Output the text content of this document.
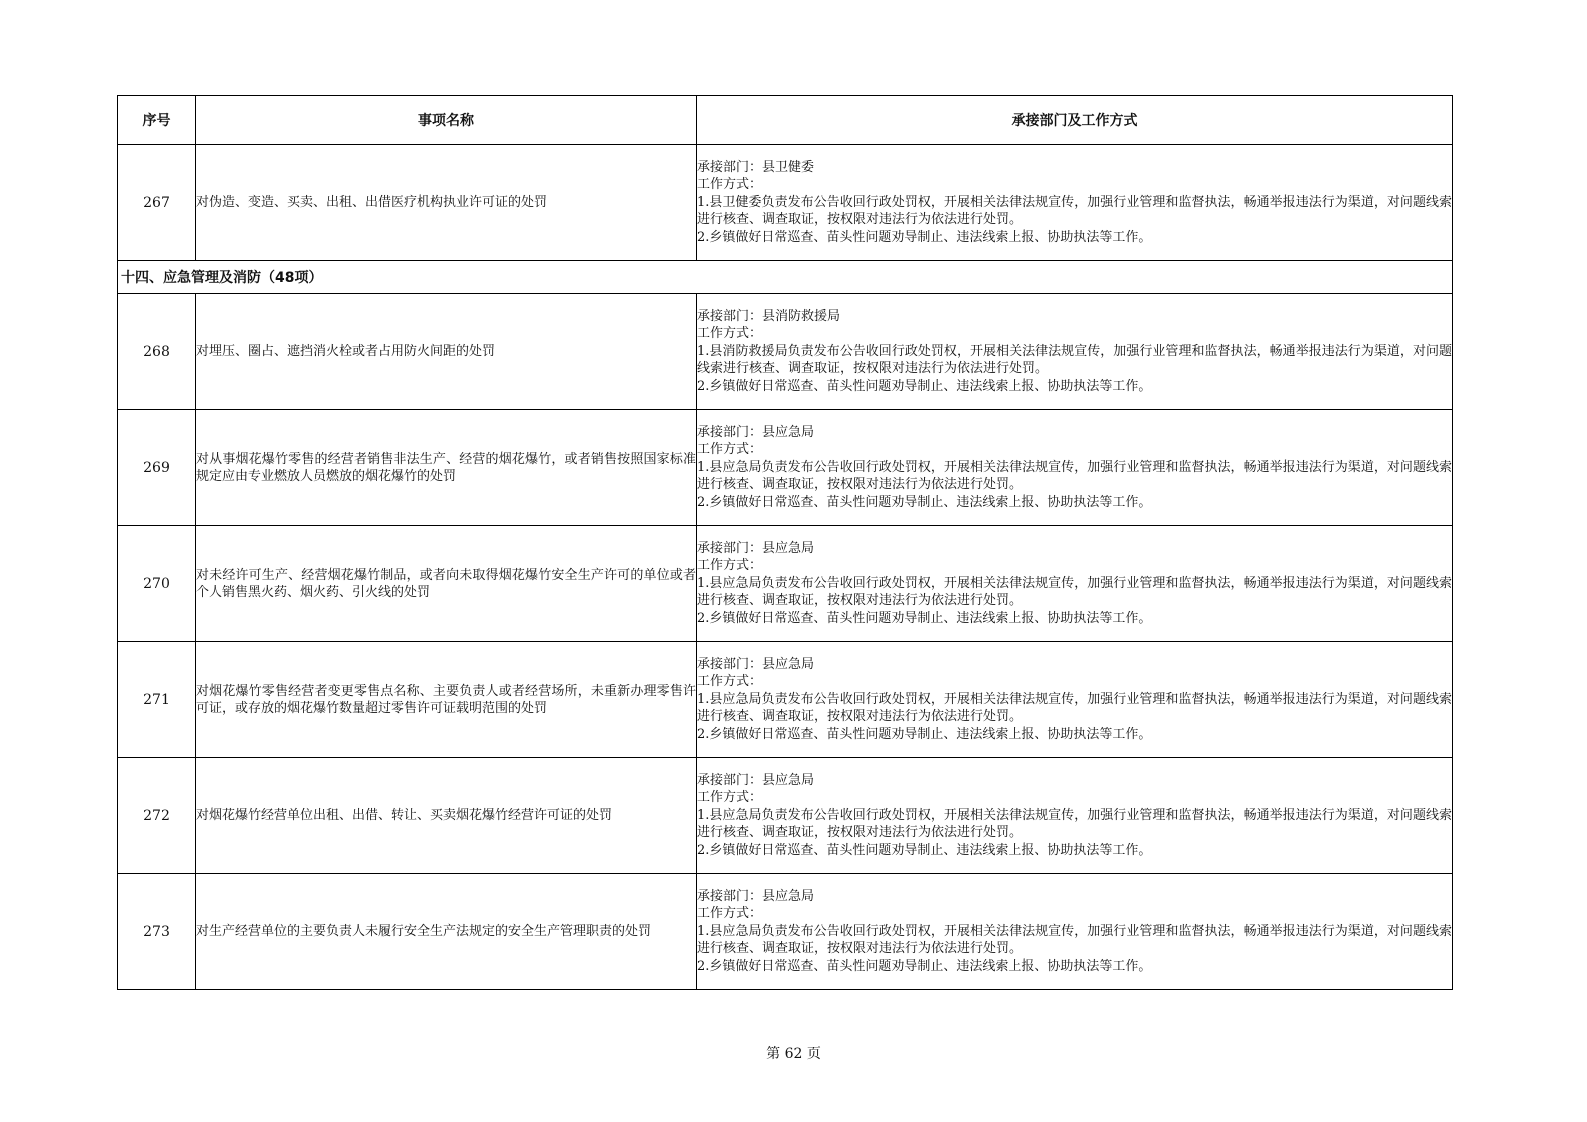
序号	事项名称	承接部门及工作方式
267	对伪造、变造、买卖、出租、出借医疗机构执业许可证的处罚	承接部门：县卫健委
工作方式：
1.县卫健委负责发布公告收回行政处罚权，开展相关法律法规宣传，加强行业管理和监督执法，畅通举报违法行为渠道，对问题线索进行核查、调查取证，按权限对违法行为依法进行处罚。
2.乡镇做好日常巡查、苗头性问题劝导制止、违法线索上报、协助执法等工作。

十四、应急管理及消防（48项）		
268	对埋压、圈占、遮挡消火栓或者占用防火间距的处罚	承接部门：县消防救援局
工作方式：
1.县消防救援局负责发布公告收回行政处罚权，开展相关法律法规宣传，加强行业管理和监督执法，畅通举报违法行为渠道，对问题线索进行核查、调查取证，按权限对违法行为依法进行处罚。
2.乡镇做好日常巡查、苗头性问题劝导制止、违法线索上报、协助执法等工作。

269	对从事烟花爆竹零售的经营者销售非法生产、经营的烟花爆竹，或者销售按照国家标准规定应由专业燃放人员燃放的烟花爆竹的处罚	承接部门：县应急局
工作方式：
1.县应急局负责发布公告收回行政处罚权，开展相关法律法规宣传，加强行业管理和监督执法，畅通举报违法行为渠道，对问题线索进行核查、调查取证，按权限对违法行为依法进行处罚。
2.乡镇做好日常巡查、苗头性问题劝导制止、违法线索上报、协助执法等工作。

270	对未经许可生产、经营烟花爆竹制品，或者向未取得烟花爆竹安全生产许可的单位或者个人销售黑火药、烟火药、引火线的处罚	承接部门：县应急局
工作方式：
1.县应急局负责发布公告收回行政处罚权，开展相关法律法规宣传，加强行业管理和监督执法，畅通举报违法行为渠道，对问题线索进行核查、调查取证，按权限对违法行为依法进行处罚。
2.乡镇做好日常巡查、苗头性问题劝导制止、违法线索上报、协助执法等工作。

271	对烟花爆竹零售经营者变更零售点名称、主要负责人或者经营场所，未重新办理零售许可证，或存放的烟花爆竹数量超过零售许可证载明范围的处罚	承接部门：县应急局
工作方式：
1.县应急局负责发布公告收回行政处罚权，开展相关法律法规宣传，加强行业管理和监督执法，畅通举报违法行为渠道，对问题线索进行核查、调查取证，按权限对违法行为依法进行处罚。
2.乡镇做好日常巡查、苗头性问题劝导制止、违法线索上报、协助执法等工作。

272	对烟花爆竹经营单位出租、出借、转让、买卖烟花爆竹经营许可证的处罚	承接部门：县应急局
工作方式：
1.县应急局负责发布公告收回行政处罚权，开展相关法律法规宣传，加强行业管理和监督执法，畅通举报违法行为渠道，对问题线索进行核查、调查取证，按权限对违法行为依法进行处罚。
2.乡镇做好日常巡查、苗头性问题劝导制止、违法线索上报、协助执法等工作。

273	对生产经营单位的主要负责人未履行安全生产法规定的安全生产管理职责的处罚	承接部门：县应急局
工作方式：
1.县应急局负责发布公告收回行政处罚权，开展相关法律法规宣传，加强行业管理和监督执法，畅通举报违法行为渠道，对问题线索进行核查、调查取证，按权限对违法行为依法进行处罚。
2.乡镇做好日常巡查、苗头性问题劝导制止、违法线索上报、协助执法等工作。
第 62 页
